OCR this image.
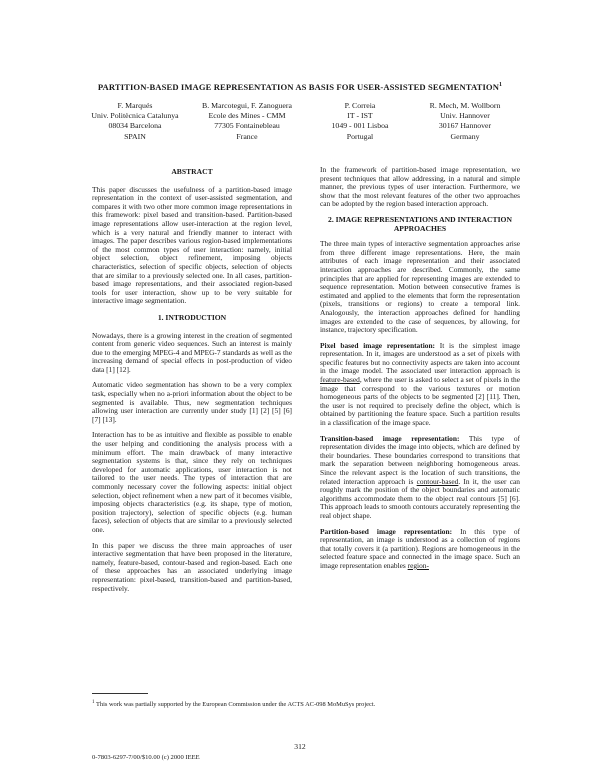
PARTITION-BASED IMAGE REPRESENTATION AS BASIS FOR USER-ASSISTED SEGMENTATION$^1$
F. Marqués
Univ. Politècnica Catalunya
08034 Barcelona
SPAIN
B. Marcotegui, F. Zanoguera
Ecole des Mines - CMM
77305 Fontainebleau
France
P. Correia
IT - IST
1049 - 001 Lisboa
Portugal
R. Mech, M. Wollborn
Univ. Hannover
30167 Hannover
Germany
ABSTRACT

This paper discusses the usefulness of a partition-based image representation in the context of user-assisted segmentation, and compares it with two other more common image representations in this framework: pixel based and transition-based. Partition-based image representations allow user-interaction at the region level, which is a very natural and friendly manner to interact with images. The paper describes various region-based implementations of the most common types of user interaction: namely, initial object selection, object refinement, imposing objects characteristics, selection of specific objects, selection of objects that are similar to a previously selected one. In all cases, partition-based image representations, and their associated region-based tools for user interaction, show up to be very suitable for interactive image segmentation.

1. INTRODUCTION

Nowadays, there is a growing interest in the creation of segmented content from generic video sequences. Such an interest is mainly due to the emerging MPEG-4 and MPEG-7 standards as well as the increasing demand of special effects in post-production of video data [1] [12].

Automatic video segmentation has shown to be a very complex task, especially when no a-priori information about the object to be segmented is available. Thus, new segmentation techniques allowing user interaction are currently under study [1] [2] [5] [6] [7] [13].

Interaction has to be as intuitive and flexible as possible to enable the user helping and conditioning the analysis process with a minimum effort. The main drawback of many interactive segmentation systems is that, since they rely on techniques developed for automatic applications, user interaction is not tailored to the user needs. The types of interaction that are commonly necessary cover the following aspects: initial object selection, object refinement when a new part of it becomes visible, imposing objects characteristics (e.g. its shape, type of motion, position trajectory), selection of specific objects (e.g. human faces), selection of objects that are similar to a previously selected one.

In this paper we discuss the three main approaches of user interactive segmentation that have been proposed in the literature, namely, feature-based, contour-based and region-based. Each one of these approaches has an associated underlying image representation: pixel-based, transition-based and partition-based, respectively.

In the framework of partition-based image representation, we present techniques that allow addressing, in a natural and simple manner, the previous types of user interaction. Furthermore, we show that the most relevant features of the other two approaches can be adopted by the region based interaction approach.

2. IMAGE REPRESENTATIONS AND INTERACTION APPROACHES

The three main types of interactive segmentation approaches arise from three different image representations. Here, the main attributes of each image representation and their associated interaction approaches are described. Commonly, the same principles that are applied for representing images are extended to sequence representation. Motion between consecutive frames is estimated and applied to the elements that form the representation (pixels, transitions or regions) to create a temporal link. Analogously, the interaction approaches defined for handling images are extended to the case of sequences, by allowing, for instance, trajectory specification.

Pixel based image representation: It is the simplest image representation. In it, images are understood as a set of pixels with specific features but no connectivity aspects are taken into account in the image model. The associated user interaction approach is feature-based, where the user is asked to select a set of pixels in the image that correspond to the various textures or motion homogeneous parts of the objects to be segmented [2] [11]. Then, the user is not required to precisely define the object, which is obtained by partitioning the feature space. Such a partition results in a classification of the image space.

Transition-based image representation: This type of representation divides the image into objects, which are defined by their boundaries. These boundaries correspond to transitions that mark the separation between neighboring homogeneous areas. Since the relevant aspect is the location of such transitions, the related interaction approach is contour-based. In it, the user can roughly mark the position of the object boundaries and automatic algorithms accommodate them to the object real contours [5] [6]. This approach leads to smooth contours accurately representing the real object shape.

Partition-based image representation: In this type of representation, an image is understood as a collection of regions that totally covers it (a partition). Regions are homogeneous in the selected feature space and connected in the image space. Such an image representation enables region-

$^1$ This work was partially supported by the European Commission under the ACTS AC-098 MoMuSys project.
312
0-7803-6297-7/00/$10.00 (c) 2000 IEEE
